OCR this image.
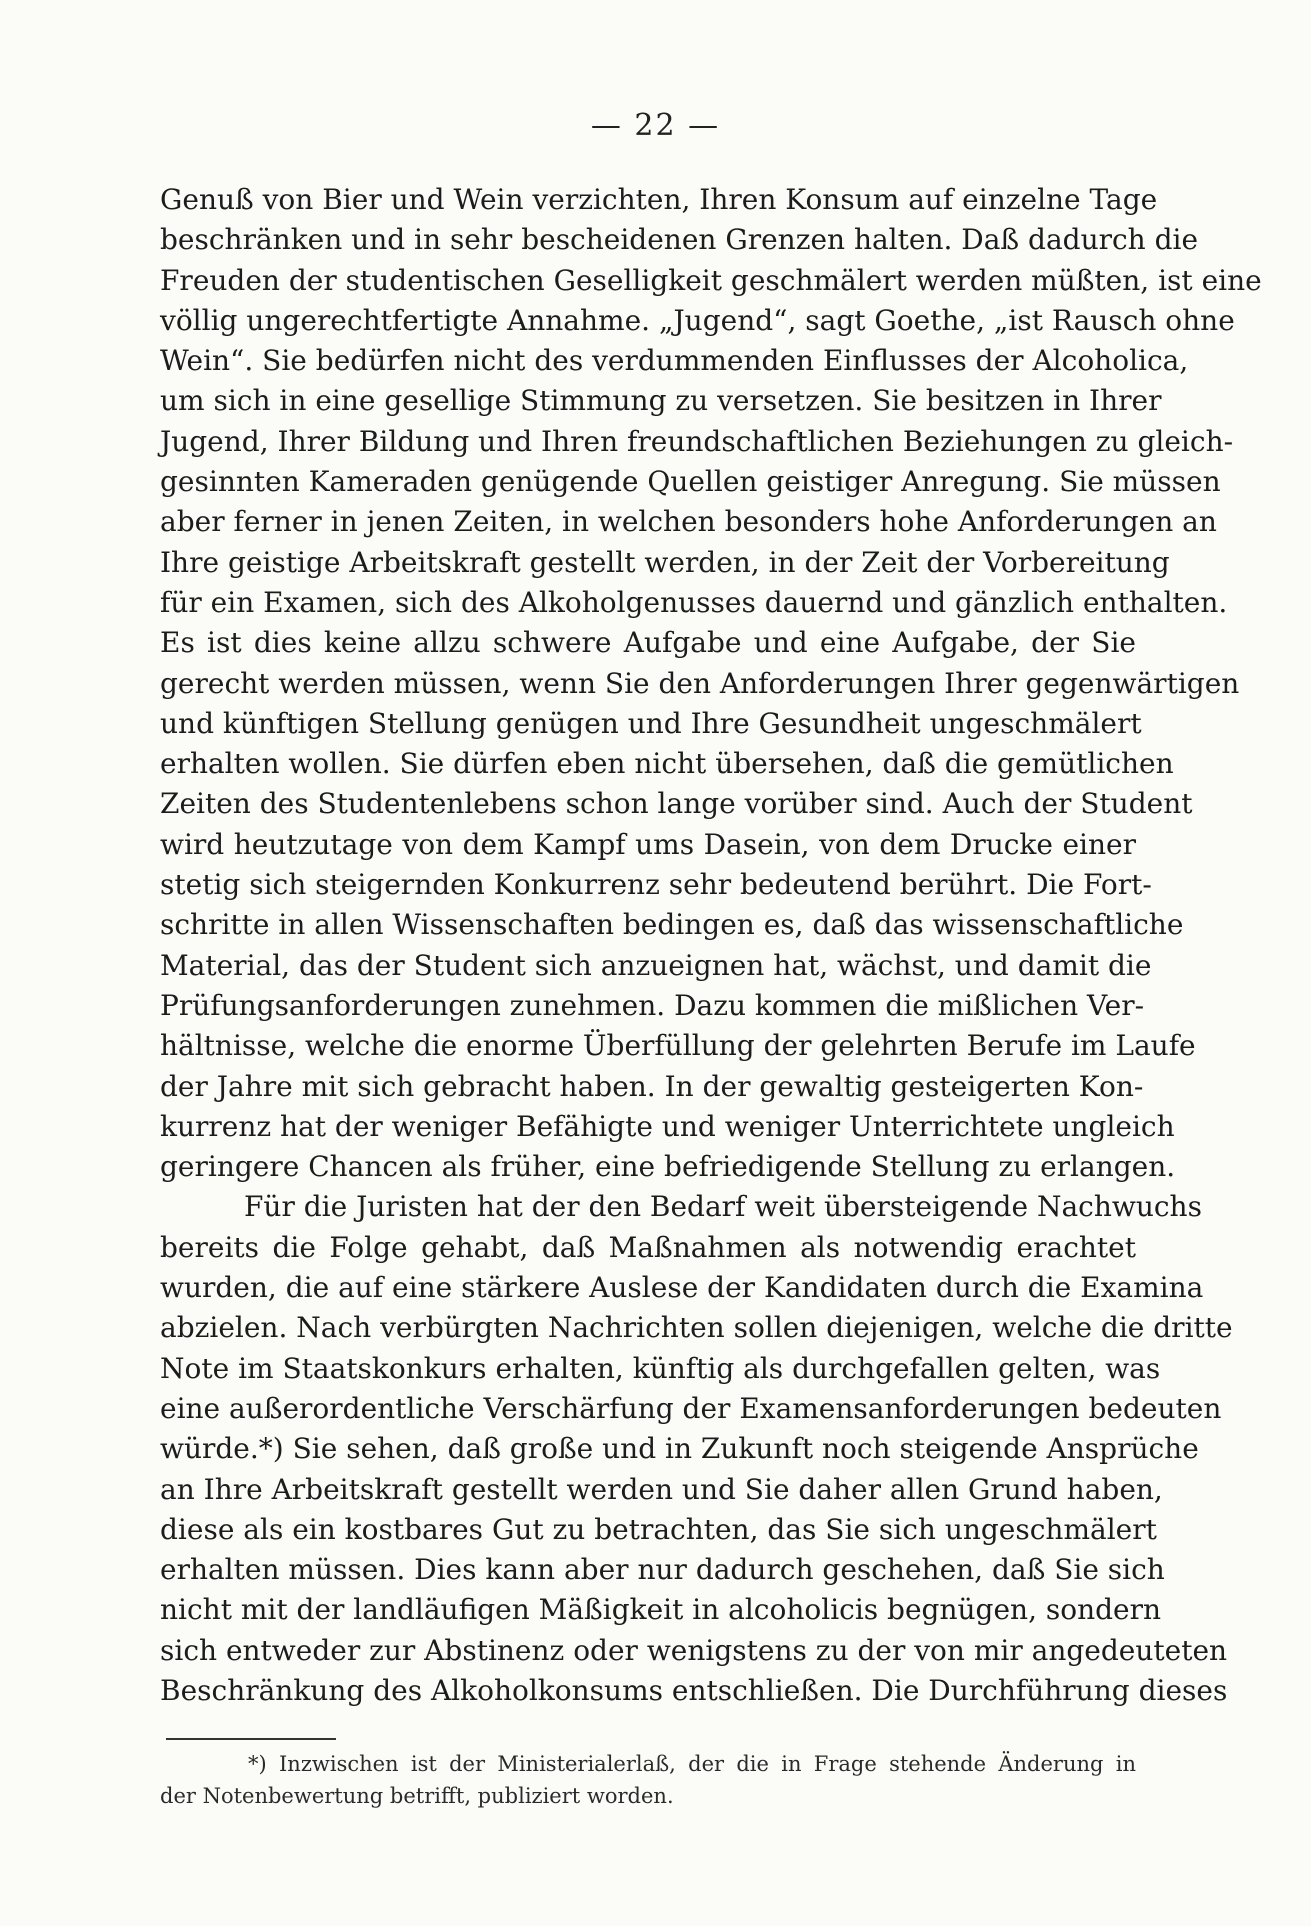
— 22 —
Genuß von Bier und Wein verzichten, Ihren Konsum auf einzelne Tage
beschränken und in sehr bescheidenen Grenzen halten. Daß dadurch die
Freuden der studentischen Geselligkeit geschmälert werden müßten, ist eine
völlig ungerechtfertigte Annahme. „Jugend“, sagt Goethe, „ist Rausch ohne
Wein“. Sie bedürfen nicht des verdummenden Einflusses der Alcoholica,
um sich in eine gesellige Stimmung zu versetzen. Sie besitzen in Ihrer
Jugend, Ihrer Bildung und Ihren freundschaftlichen Beziehungen zu gleich-
gesinnten Kameraden genügende Quellen geistiger Anregung. Sie müssen
aber ferner in jenen Zeiten, in welchen besonders hohe Anforderungen an
Ihre geistige Arbeitskraft gestellt werden, in der Zeit der Vorbereitung
für ein Examen, sich des Alkoholgenusses dauernd und gänzlich enthalten.
Es ist dies keine allzu schwere Aufgabe und eine Aufgabe, der Sie
gerecht werden müssen, wenn Sie den Anforderungen Ihrer gegenwärtigen
und künftigen Stellung genügen und Ihre Gesundheit ungeschmälert
erhalten wollen. Sie dürfen eben nicht übersehen, daß die gemütlichen
Zeiten des Studentenlebens schon lange vorüber sind. Auch der Student
wird heutzutage von dem Kampf ums Dasein, von dem Drucke einer
stetig sich steigernden Konkurrenz sehr bedeutend berührt. Die Fort-
schritte in allen Wissenschaften bedingen es, daß das wissenschaftliche
Material, das der Student sich anzueignen hat, wächst, und damit die
Prüfungsanforderungen zunehmen. Dazu kommen die mißlichen Ver-
hältnisse, welche die enorme Überfüllung der gelehrten Berufe im Laufe
der Jahre mit sich gebracht haben. In der gewaltig gesteigerten Kon-
kurrenz hat der weniger Befähigte und weniger Unterrichtete ungleich
geringere Chancen als früher, eine befriedigende Stellung zu erlangen.
Für die Juristen hat der den Bedarf weit übersteigende Nachwuchs
bereits die Folge gehabt, daß Maßnahmen als notwendig erachtet
wurden, die auf eine stärkere Auslese der Kandidaten durch die Examina
abzielen. Nach verbürgten Nachrichten sollen diejenigen, welche die dritte
Note im Staatskonkurs erhalten, künftig als durchgefallen gelten, was
eine außerordentliche Verschärfung der Examensanforderungen bedeuten
würde.*) Sie sehen, daß große und in Zukunft noch steigende Ansprüche
an Ihre Arbeitskraft gestellt werden und Sie daher allen Grund haben,
diese als ein kostbares Gut zu betrachten, das Sie sich ungeschmälert
erhalten müssen. Dies kann aber nur dadurch geschehen, daß Sie sich
nicht mit der landläufigen Mäßigkeit in alcoholicis begnügen, sondern
sich entweder zur Abstinenz oder wenigstens zu der von mir angedeuteten
Beschränkung des Alkoholkonsums entschließen. Die Durchführung dieses
*) Inzwischen ist der Ministerialerlaß, der die in Frage stehende Änderung in
der Notenbewertung betrifft, publiziert worden.
